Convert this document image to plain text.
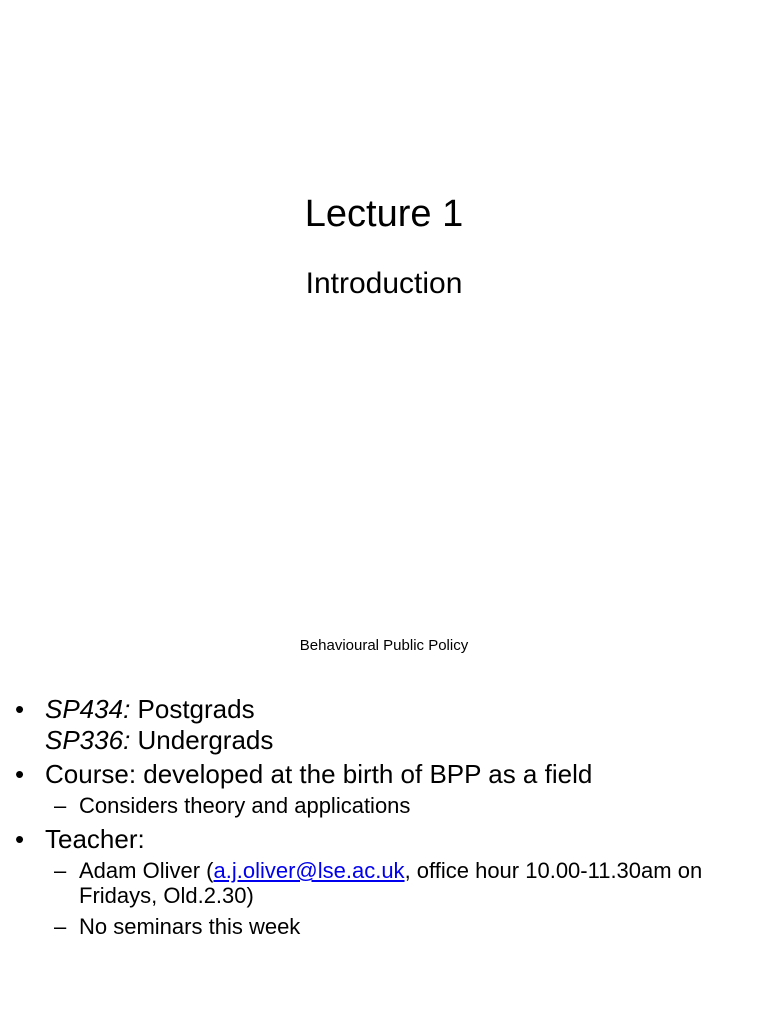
Lecture 1
Introduction
Behavioural Public Policy
• SP434: Postgrads
SP336: Undergrads
• Course: developed at the birth of BPP as a field
– Considers theory and applications
• Teacher:
– Adam Oliver (a.j.oliver@lse.ac.uk, office hour 10.00-11.30am on Fridays, Old.2.30)
– No seminars this week
